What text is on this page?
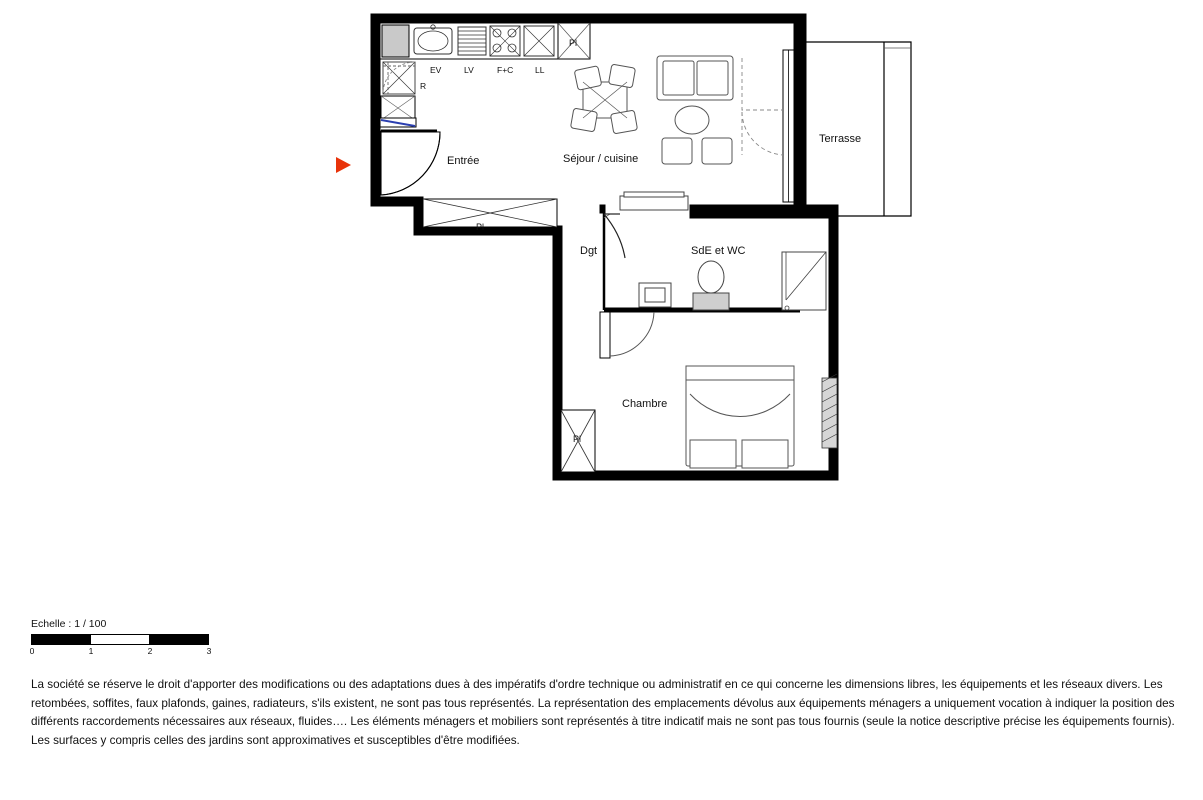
Entrée	Séjour / cuisine
Terrasse
Dgt	SdE et WC
Chambre
EV	LV	F+C	LL
R
Pl
Pl
Pl
Echelle : 1 / 100
0	1	2	3

La société se réserve le droit d'apporter des modifications ou des adaptations dues à des impératifs d'ordre technique ou administratif en ce qui concerne les dimensions libres, les équipements et les réseaux divers. Les retombées, soffites, faux plafonds, gaines, radiateurs, s'ils existent, ne sont pas tous représentés. La représentation des emplacements dévolus aux équipements ménagers a uniquement vocation à indiquer la position des différents raccordements nécessaires aux réseaux, fluides…. Les éléments ménagers et mobiliers sont représentés à titre indicatif mais ne sont pas tous fournis (seule la notice descriptive précise les équipements fournis).

Les surfaces y compris celles des jardins sont approximatives et susceptibles d'être modifiées.
